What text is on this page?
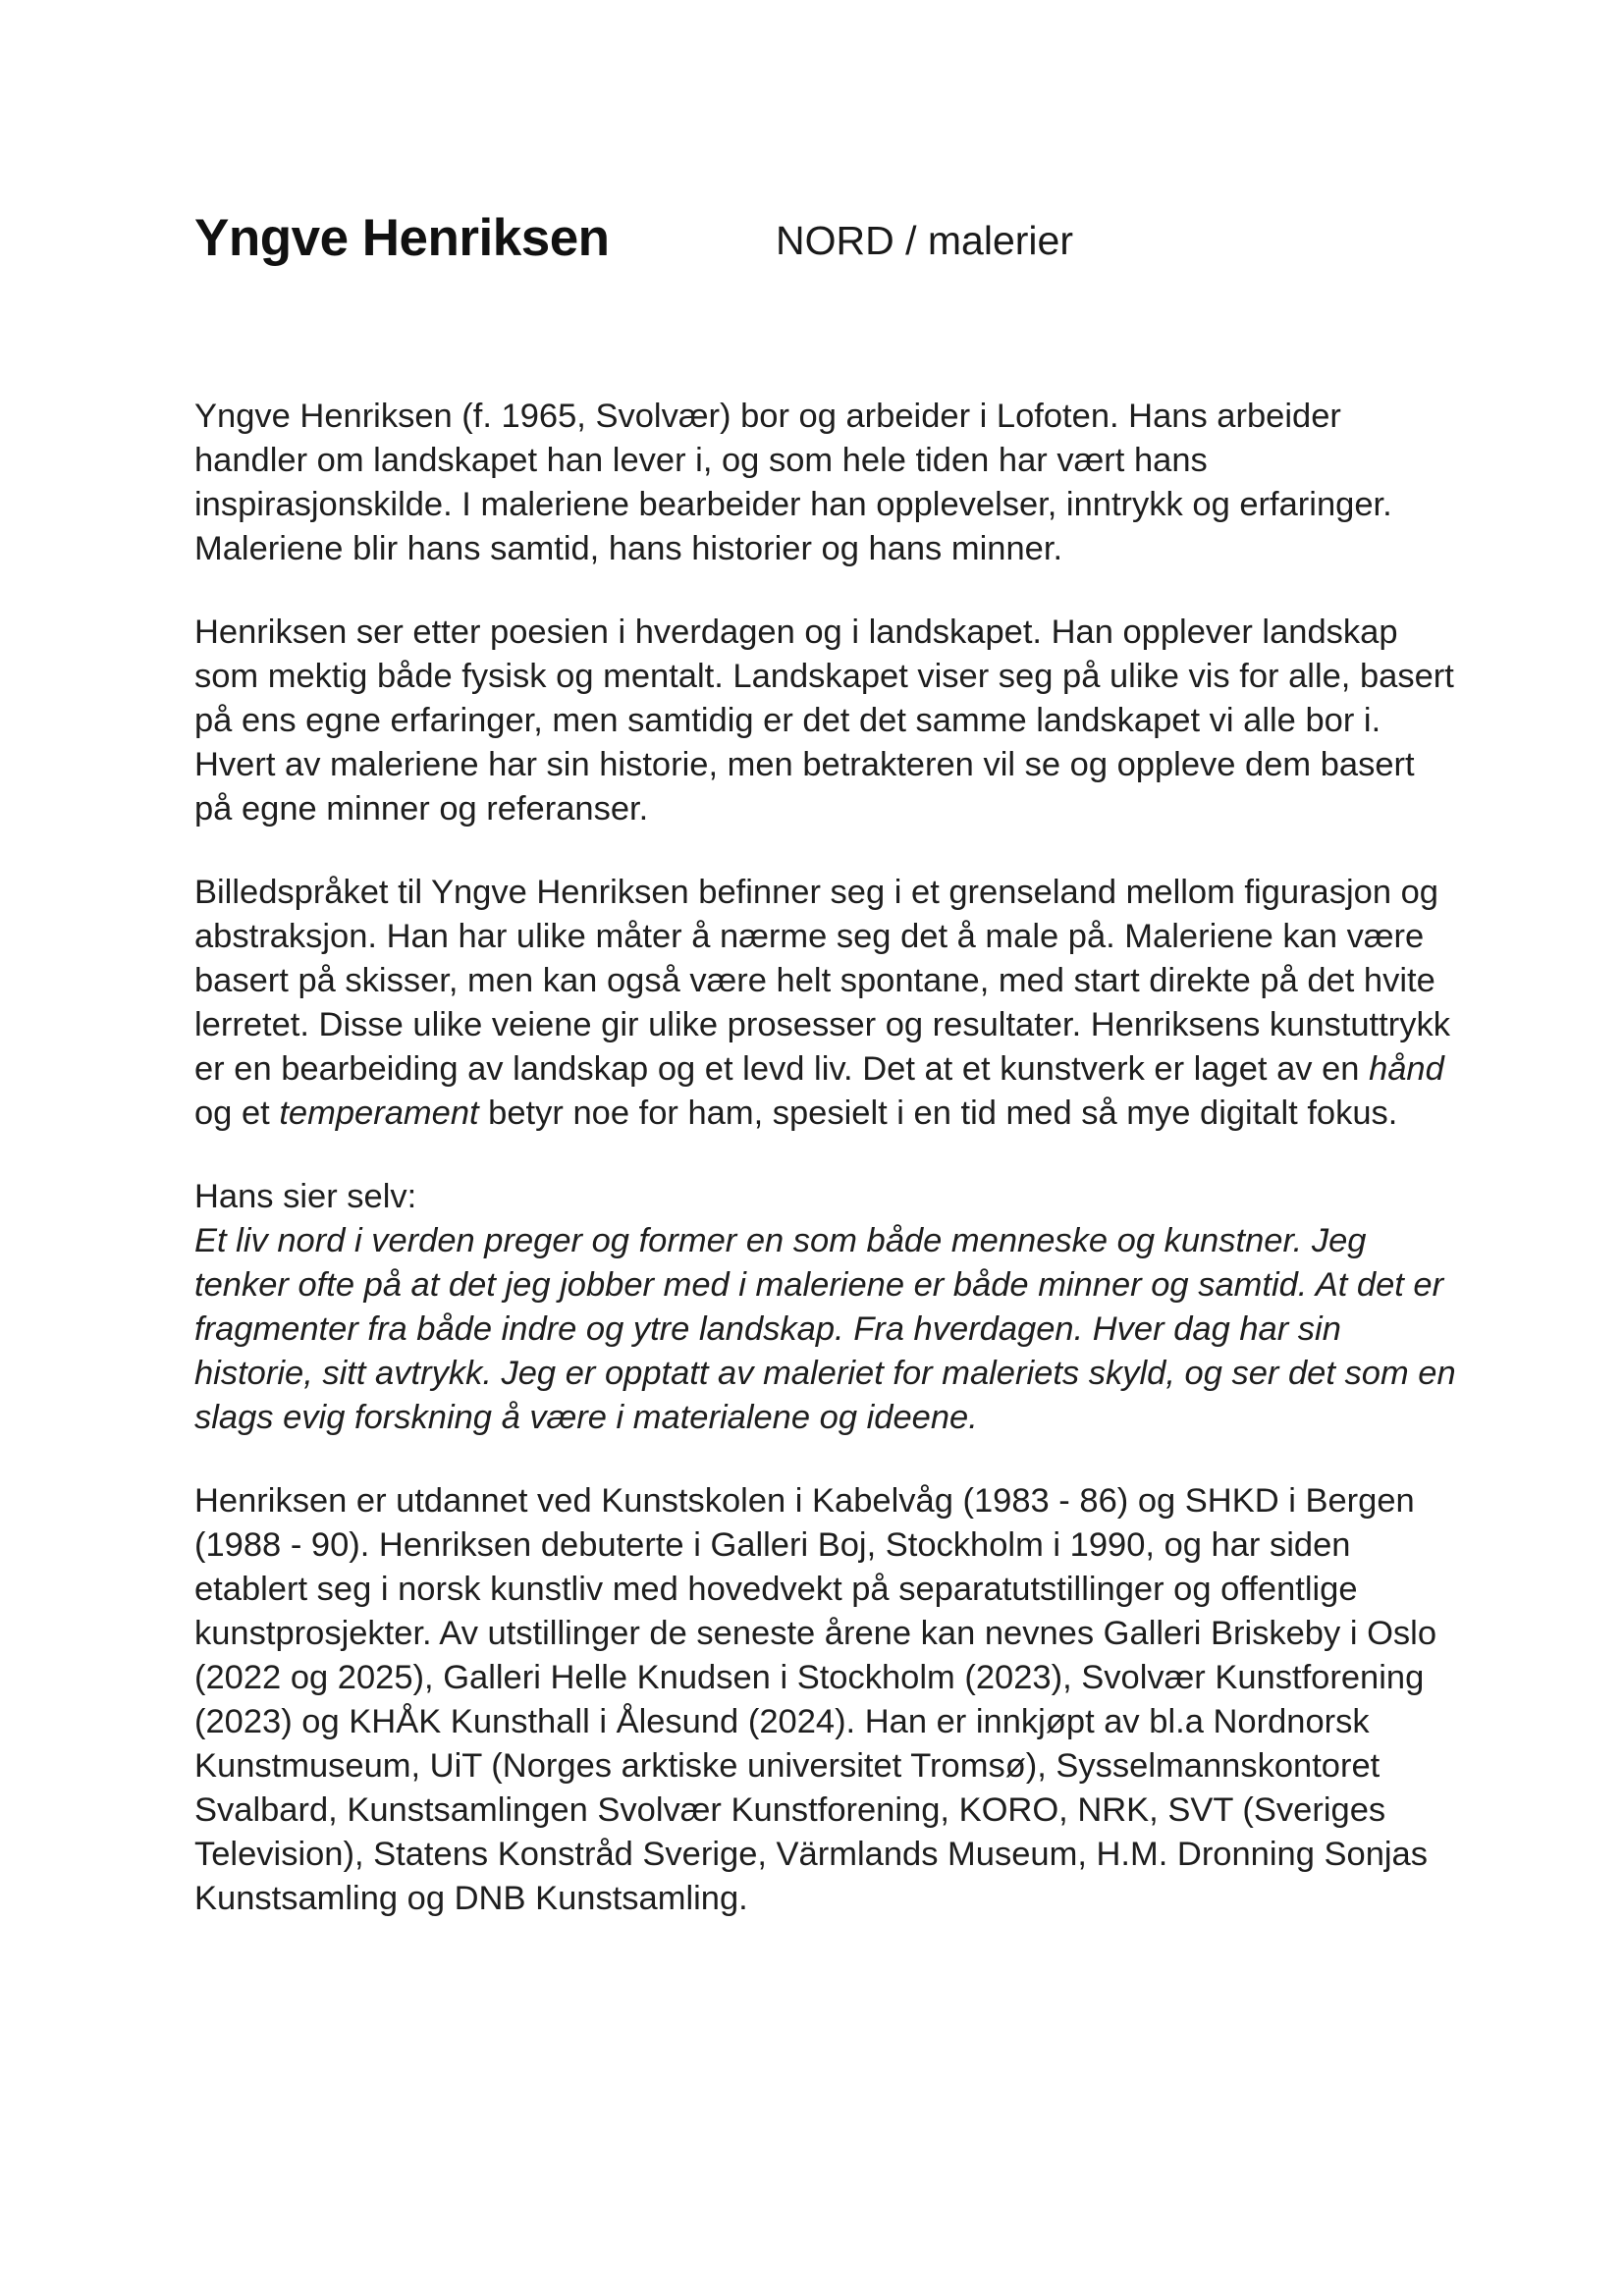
Yngve Henriksen	NORD / malerier

Yngve Henriksen (f. 1965, Svolvær) bor og arbeider i Lofoten. Hans arbeider handler om landskapet han lever i, og som hele tiden har vært hans inspirasjonskilde. I maleriene bearbeider han opplevelser, inntrykk og erfaringer. Maleriene blir hans samtid, hans historier og hans minner.

Henriksen ser etter poesien i hverdagen og i landskapet. Han opplever landskap som mektig både fysisk og mentalt. Landskapet viser seg på ulike vis for alle, basert på ens egne erfaringer, men samtidig er det det samme landskapet vi alle bor i. Hvert av maleriene har sin historie, men betrakteren vil se og oppleve dem basert på egne minner og referanser.

Billedspråket til Yngve Henriksen befinner seg i et grenseland mellom figurasjon og abstraksjon. Han har ulike måter å nærme seg det å male på. Maleriene kan være basert på skisser, men kan også være helt spontane, med start direkte på det hvite lerretet. Disse ulike veiene gir ulike prosesser og resultater. Henriksens kunstuttrykk er en bearbeiding av landskap og et levd liv. Det at et kunstverk er laget av en hånd og et temperament betyr noe for ham, spesielt i en tid med så mye digitalt fokus.

Hans sier selv:

Et liv nord i verden preger og former en som både menneske og kunstner. Jeg tenker ofte på at det jeg jobber med i maleriene er både minner og samtid. At det er fragmenter fra både indre og ytre landskap. Fra hverdagen. Hver dag har sin historie, sitt avtrykk. Jeg er opptatt av maleriet for maleriets skyld, og ser det som en slags evig forskning å være i materialene og ideene.

Henriksen er utdannet ved Kunstskolen i Kabelvåg (1983 - 86) og SHKD i Bergen (1988 - 90). Henriksen debuterte i Galleri Boj, Stockholm i 1990, og har siden etablert seg i norsk kunstliv med hovedvekt på separatutstillinger og offentlige kunstprosjekter. Av utstillinger de seneste årene kan nevnes Galleri Briskeby i Oslo (2022 og 2025), Galleri Helle Knudsen i Stockholm (2023), Svolvær Kunstforening (2023) og KHÅK Kunsthall i Ålesund (2024). Han er innkjøpt av bl.a Nordnorsk Kunstmuseum, UiT (Norges arktiske universitet Tromsø), Sysselmannskontoret Svalbard, Kunstsamlingen Svolvær Kunstforening, KORO, NRK, SVT (Sveriges Television), Statens Konstråd Sverige, Värmlands Museum, H.M. Dronning Sonjas Kunstsamling og DNB Kunstsamling.
